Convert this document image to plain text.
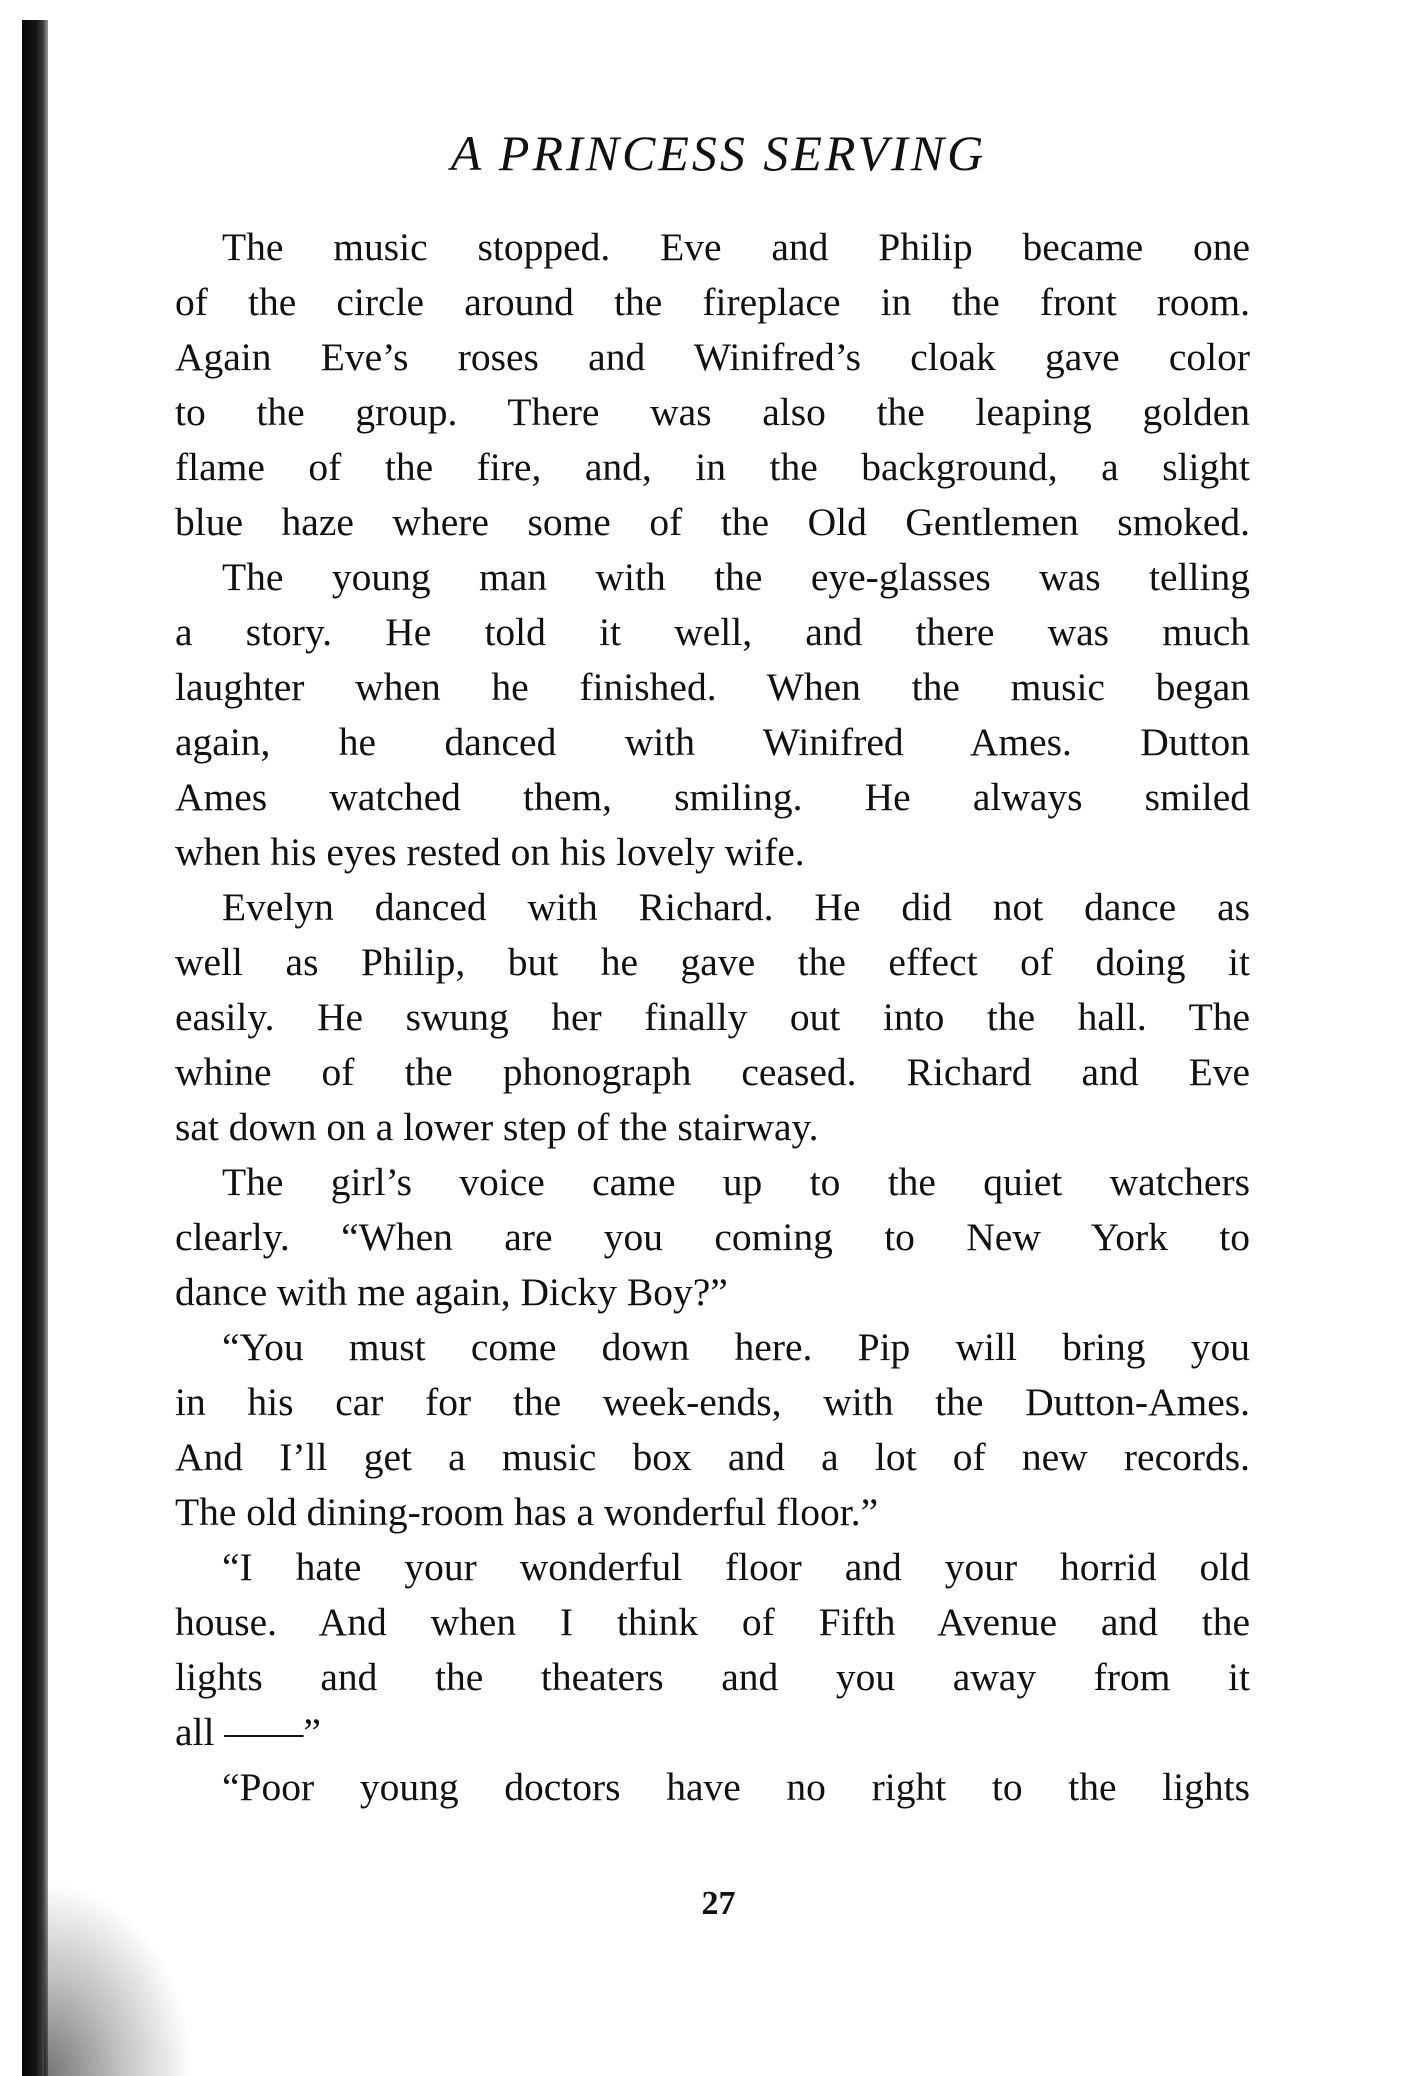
A PRINCESS SERVING

The music stopped. Eve and Philip became one
of the circle around the fireplace in the front room.
Again Eve’s roses and Winifred’s cloak gave color
to the group. There was also the leaping golden
flame of the fire, and, in the background, a slight
blue haze where some of the Old Gentlemen smoked.

The young man with the eye-glasses was telling
a story. He told it well, and there was much
laughter when he finished. When the music began
again, he danced with Winifred Ames. Dutton
Ames watched them, smiling. He always smiled
when his eyes rested on his lovely wife.

Evelyn danced with Richard. He did not dance as
well as Philip, but he gave the effect of doing it
easily. He swung her finally out into the hall. The
whine of the phonograph ceased. Richard and Eve
sat down on a lower step of the stairway.

The girl’s voice came up to the quiet watchers
clearly. “When are you coming to New York to
dance with me again, Dicky Boy?”

“You must come down here. Pip will bring you
in his car for the week-ends, with the Dutton-Ames.
And I’ll get a music box and a lot of new records.
The old dining-room has a wonderful floor.”

“I hate your wonderful floor and your horrid old
house. And when I think of Fifth Avenue and the
lights and the theaters and you away from it
all ——”

“Poor young doctors have no right to the lights

27
